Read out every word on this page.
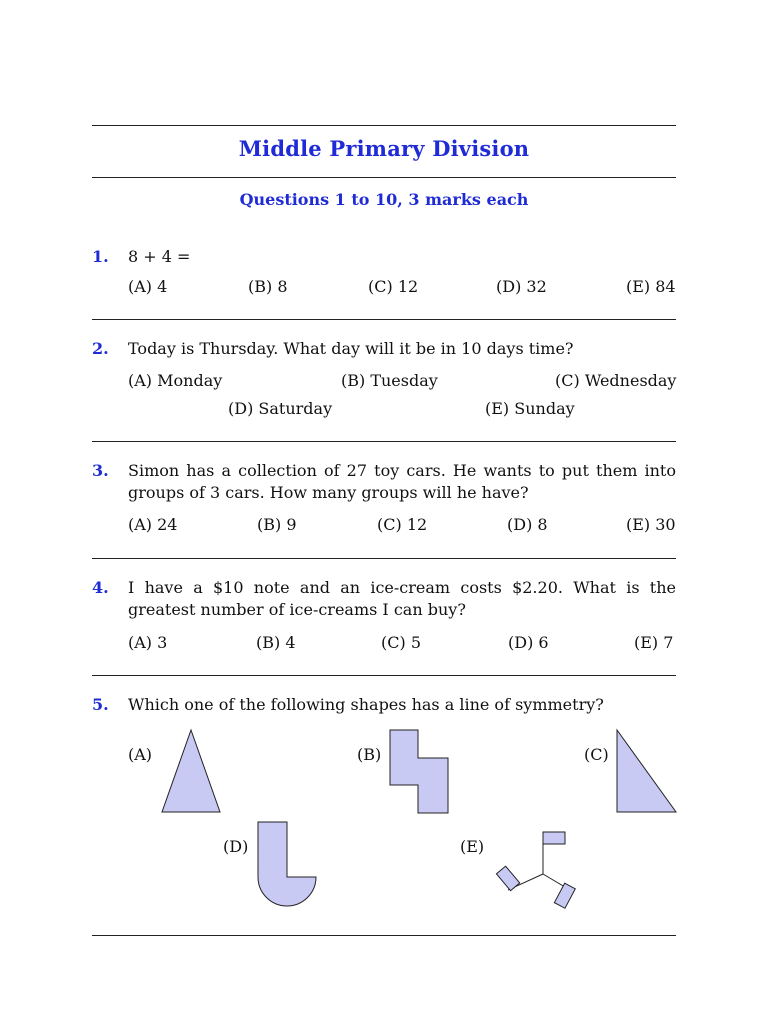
Middle Primary Division
Questions 1 to 10, 3 marks each
1. 8 + 4 =
(A) 4	(B) 8	(C) 12	(D) 32	(E) 84
2. Today is Thursday. What day will it be in 10 days time?
(A) Monday	(B) Tuesday	(C) Wednesday
(D) Saturday	(E) Sunday
3. Simon has a collection of 27 toy cars. He wants to put them into groups of 3 cars. How many groups will he have?
(A) 24	(B) 9	(C) 12	(D) 8	(E) 30
4. I have a $10 note and an ice-cream costs $2.20. What is the greatest number of ice-creams I can buy?
(A) 3	(B) 4	(C) 5	(D) 6	(E) 7
5. Which one of the following shapes has a line of symmetry?
(A)	(B)	(C)
(D)	(E)
